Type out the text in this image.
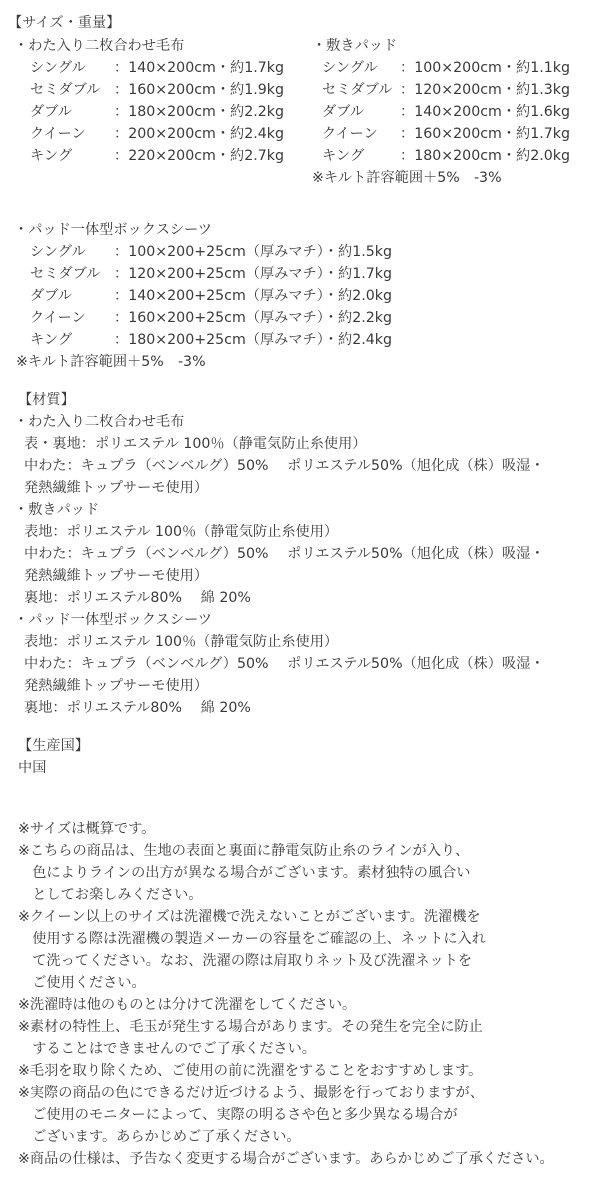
【サイズ・重量】
・わた入り二枚合わせ毛布
シングル ：140×200cm・約1.7kg
セミダブル ：160×200cm・約1.9kg
ダブル	：180×200cm・約2.2kg
クイーン ：200×200cm・約2.4kg
キング	：220×200cm・約2.7kg
・敷きパッド
シングル ：100×200cm・約1.1kg
セミダブル ：120×200cm・約1.3kg
ダブル	：140×200cm・約1.6kg
クイーン ：160×200cm・約1.7kg
キング	：180×200cm・約2.0kg
※キルト許容範囲＋5%　-3%
・パッド一体型ボックスシーツ
シングル ：100×200+25cm（厚みマチ）・約1.5kg
セミダブル ：120×200+25cm（厚みマチ）・約1.7kg
ダブル	：140×200+25cm（厚みマチ）・約2.0kg
クイーン ：160×200+25cm（厚みマチ）・約2.2kg
キング	：180×200+25cm（厚みマチ）・約2.4kg
※キルト許容範囲＋5%　-3%
【材質】
・わた入り二枚合わせ毛布
表・裏地：ポリエステル 100％（静電気防止糸使用）
中わた：キュプラ（ベンベルグ）50%　 ポリエステル50%（旭化成（株）吸湿・
発熱繊維トップサーモ使用）
・敷きパッド
表地：ポリエステル 100％（静電気防止糸使用）
中わた：キュプラ（ベンベルグ）50%　 ポリエステル50%（旭化成（株）吸湿・
発熱繊維トップサーモ使用）
裏地：ポリエステル80%　 綿 20%
・パッド一体型ボックスシーツ
表地：ポリエステル 100％（静電気防止糸使用）
中わた：キュプラ（ベンベルグ）50%　 ポリエステル50%（旭化成（株）吸湿・
発熱繊維トップサーモ使用）
裏地：ポリエステル80%　 綿 20%
【生産国】
中国
※サイズは概算です。
※こちらの商品は、生地の表面と裏面に静電気防止糸のラインが入り、
　色によりラインの出方が異なる場合がございます。素材独特の風合い
　としてお楽しみください。
※クイーン以上のサイズは洗濯機で洗えないことがございます。洗濯機を
　使用する際は洗濯機の製造メーカーの容量をご確認の上、ネットに入れ
　て洗ってください。なお、洗濯の際は肩取りネット及び洗濯ネットを
　ご使用ください。
※洗濯時は他のものとは分けて洗濯をしてください。
※素材の特性上、毛玉が発生する場合があります。その発生を完全に防止
　することはできませんのでご了承ください。
※毛羽を取り除くため、ご使用の前に洗濯をすることをおすすめします。
※実際の商品の色にできるだけ近づけるよう、撮影を行っておりますが、
　ご使用のモニターによって、実際の明るさや色と多少異なる場合が
　ございます。あらかじめご了承ください。
※商品の仕様は、予告なく変更する場合がございます。あらかじめご了承ください。
